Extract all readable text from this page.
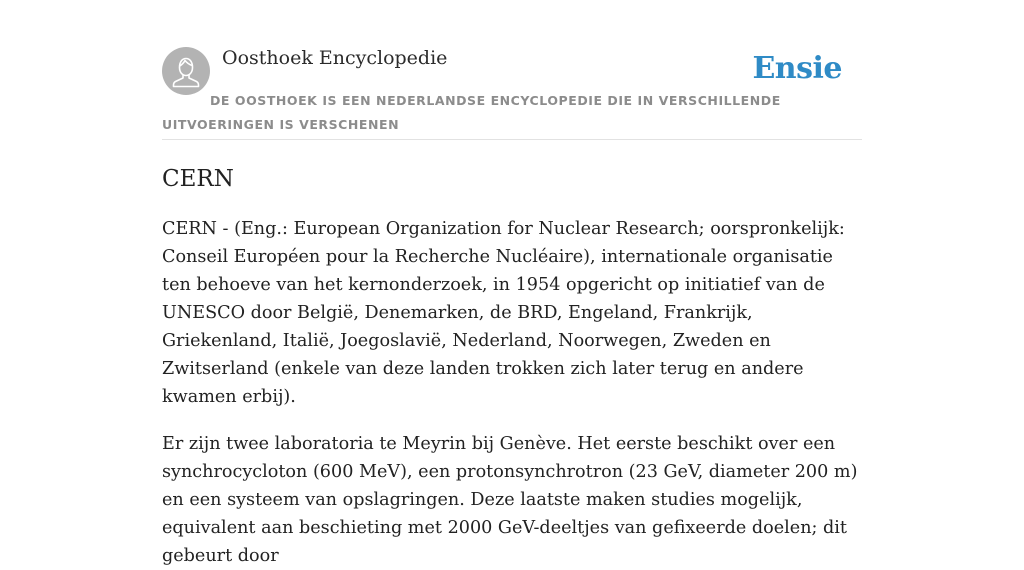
Oosthoek Encyclopedie	Ensie
DE OOSTHOEK IS EEN NEDERLANDSE ENCYCLOPEDIE DIE IN VERSCHILLENDE UITVOERINGEN IS VERSCHENEN
CERN

CERN - (Eng.: European Organization for Nuclear Research; oorspronkelijk: Conseil Européen pour la Recherche Nucléaire), internationale organisatie ten behoeve van het kernonderzoek, in 1954 opgericht op initiatief van de UNESCO door België, Denemarken, de BRD, Engeland, Frankrijk, Griekenland, Italië, Joegoslavië, Nederland, Noorwegen, Zweden en Zwitserland (enkele van deze landen trokken zich later terug en andere kwamen erbij).

Er zijn twee laboratoria te Meyrin bij Genève. Het eerste beschikt over een synchrocycloton (600 MeV), een protonsynchrotron (23 GeV, diameter 200 m) en een systeem van opslagringen. Deze laatste maken studies mogelijk, equivalent aan beschieting met 2000 GeV-deeltjes van gefixeerde doelen; dit gebeurt door
